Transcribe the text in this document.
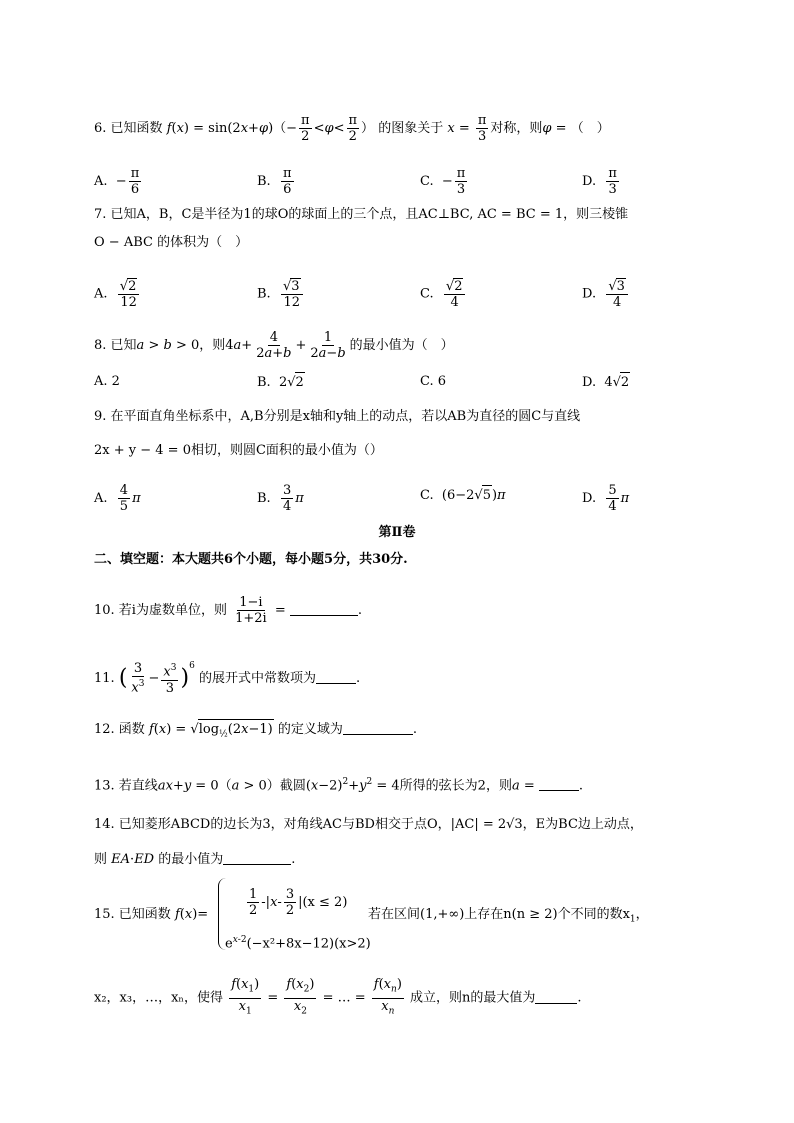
6. 已知函数 $f(x) = \sin(2x+\varphi)(- \frac{\pi}{2} <\varphi< \frac{\pi}{2}$ ） 的图象关于 $x = \frac{\pi}{3}$ 对称，则φ = （　）
A.  − $\frac{\pi}{6}$	B. $\frac{\pi}{6}$	C.  − $\frac{\pi}{3}$	D. $\frac{\pi}{3}$
7. 已知A，B，C是半径为1的球O的球面上的三个点，且AC⊥BC, AC = BC = 1，则三棱锥
O − ABC 的体积为（　）
A. $\frac{√2}{12}$	B. $\frac{√3}{12}$	C. $\frac{√2}{4}$	D. $\frac{√3}{4}$
8. 已知a > b > 0，则$4a+ \frac{4}{2a+b} + \frac{1}{2a-b}$ 的最小值为（　）
A. 2	B.  2√2	C. 6	D.  4√2
9. 在平面直角坐标系中，A,B分别是x轴和y轴上的动点，若以AB为直径的圆C与直线
2x + y − 4 = 0相切，则圆C面积的最小值为（）
A. $\frac{4}{5}$ π	B. $\frac{3}{4}$ π	C.  (6−2√5)π	D. $\frac{5}{4}$ π
第Ⅱ卷
二、填空题：本大题共6个小题，每小题5分，共30分.
10. 若i为虚数单位，则 $\frac{1-i}{1+2i}$ =	.
11. ( $\frac{3}{x^3} - \frac{x^3}{3} )^6$ 的展开式中常数项为	.
12. 函数 $f(x) = √\log_{\frac{1}{2}}(2x-1)$ 的定义域为	.
13. 若直线ax+y = 0（a > 0）截圆$(x-2)^2+y^2 = 4$所得的弦长为2，则a =	.
14. 已知菱形ABCD的边长为3，对角线AC与BD相交于点O，|AC| = 2√3，E为BC边上动点，
则 EA·ED 的最小值为	.
15. 已知函数 f(x)=	$\frac{1}{2} -|x- \frac{3}{2} |(x \le 2)$
$e^{x-2}(-x^2+8x-12)(x>2)$
若在区间(1,+∞)上存在n(n ≥ 2)个不同的数$x_1$，
x₂，x₃，…，xₙ，使得 $\frac{f(x_1)}{x_1} = \frac{f(x_2)}{x_2}$ = … = $\frac{f(x_n)}{x_n}$ 成立，则n的最大值为	.
